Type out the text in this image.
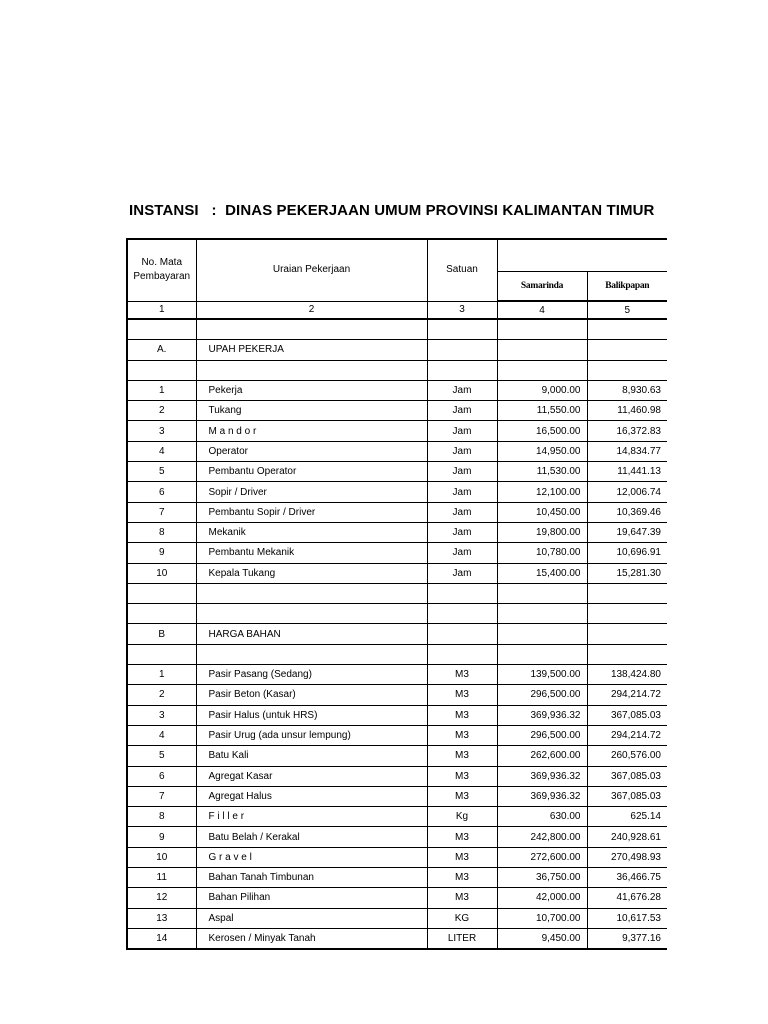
INSTANSI   :  DINAS PEKERJAAN UMUM PROVINSI KALIMANTAN TIMUR
No. Mata Pembayaran	Uraian Pekerjaan	Satuan		
			Samarinda	Balikpapan
1	2	3	4	5

A.	UPAH PEKERJA			

1	Pekerja	Jam	9,000.00	8,930.63
2	Tukang	Jam	11,550.00	11,460.98
3	M a n d o r	Jam	16,500.00	16,372.83
4	Operator	Jam	14,950.00	14,834.77
5	Pembantu Operator	Jam	11,530.00	11,441.13
6	Sopir / Driver	Jam	12,100.00	12,006.74
7	Pembantu Sopir / Driver	Jam	10,450.00	10,369.46
8	Mekanik	Jam	19,800.00	19,647.39
9	Pembantu Mekanik	Jam	10,780.00	10,696.91
10	Kepala Tukang	Jam	15,400.00	15,281.30

B	HARGA BAHAN			

1	Pasir Pasang (Sedang)	M3	139,500.00	138,424.80
2	Pasir Beton (Kasar)	M3	296,500.00	294,214.72
3	Pasir Halus (untuk HRS)	M3	369,936.32	367,085.03
4	Pasir Urug (ada unsur lempung)	M3	296,500.00	294,214.72
5	Batu Kali	M3	262,600.00	260,576.00
6	Agregat Kasar	M3	369,936.32	367,085.03
7	Agregat Halus	M3	369,936.32	367,085.03
8	F i l l e r	Kg	630.00	625.14
9	Batu Belah / Kerakal	M3	242,800.00	240,928.61
10	G r a v e l	M3	272,600.00	270,498.93
11	Bahan Tanah Timbunan	M3	36,750.00	36,466.75
12	Bahan Pilihan	M3	42,000.00	41,676.28
13	Aspal	KG	10,700.00	10,617.53
14	Kerosen / Minyak Tanah	LITER	9,450.00	9,377.16
